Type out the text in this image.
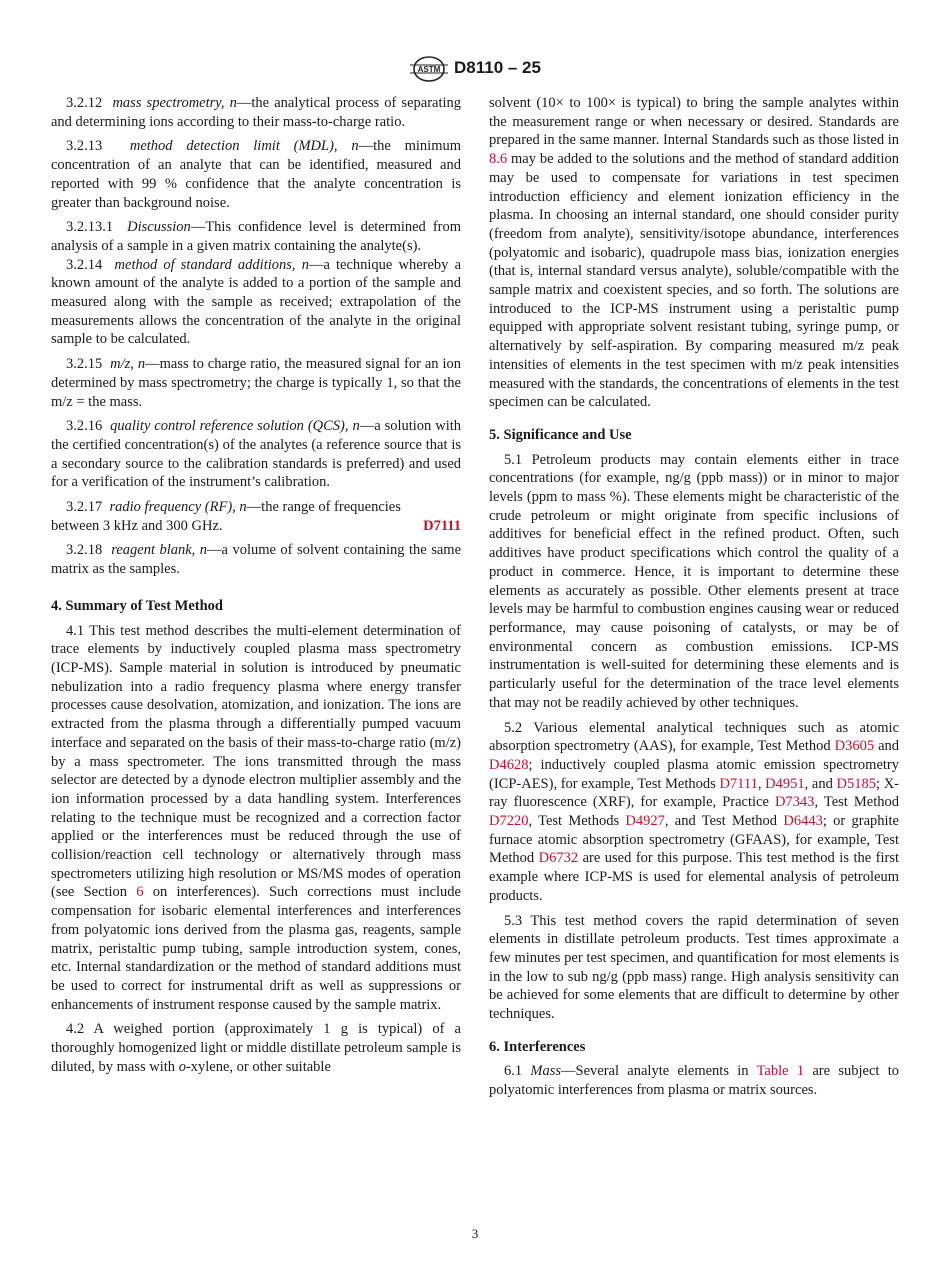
ASTM D8110 – 25

3.2.12 mass spectrometry, n—the analytical process of separating and determining ions according to their mass-to-charge ratio.

3.2.13 method detection limit (MDL), n—the minimum concentration of an analyte that can be identified, measured and reported with 99 % confidence that the analyte concentration is greater than background noise.

3.2.13.1 Discussion—This confidence level is determined from analysis of a sample in a given matrix containing the analyte(s).

3.2.14 method of standard additions, n—a technique whereby a known amount of the analyte is added to a portion of the sample and measured along with the sample as received; extrapolation of the measurements allows the concentration of the analyte in the original sample to be calculated.

3.2.15 m/z, n—mass to charge ratio, the measured signal for an ion determined by mass spectrometry; the charge is typically 1, so that the m/z = the mass.

3.2.16 quality control reference solution (QCS), n—a solution with the certified concentration(s) of the analytes (a reference source that is a secondary source to the calibration standards is preferred) and used for a verification of the instrument’s calibration.

3.2.17 radio frequency (RF), n—the range of frequencies
between 3 kHz and 300 GHz.	D7111

3.2.18 reagent blank, n—a volume of solvent containing the same matrix as the samples.

4. Summary of Test Method

4.1 This test method describes the multi-element determination of trace elements by inductively coupled plasma mass spectrometry (ICP-MS). Sample material in solution is introduced by pneumatic nebulization into a radio frequency plasma where energy transfer processes cause desolvation, atomization, and ionization. The ions are extracted from the plasma through a differentially pumped vacuum interface and separated on the basis of their mass-to-charge ratio (m/z) by a mass spectrometer. The ions transmitted through the mass selector are detected by a dynode electron multiplier assembly and the ion information processed by a data handling system. Interferences relating to the technique must be recognized and a correction factor applied or the interferences must be reduced through the use of collision/reaction cell technology or alternatively through mass spectrometers utilizing high resolution or MS/MS modes of operation (see Section 6 on interferences). Such corrections must include compensation for isobaric elemental interferences and interferences from polyatomic ions derived from the plasma gas, reagents, sample matrix, peristaltic pump tubing, sample introduction system, cones, etc. Internal standardization or the method of standard additions must be used to correct for instrumental drift as well as suppressions or enhancements of instrument response caused by the sample matrix.

4.2 A weighed portion (approximately 1 g is typical) of a thoroughly homogenized light or middle distillate petroleum sample is diluted, by mass with o-xylene, or other suitable

solvent (10× to 100× is typical) to bring the sample analytes within the measurement range or when necessary or desired. Standards are prepared in the same manner. Internal Standards such as those listed in 8.6 may be added to the solutions and the method of standard addition may be used to compensate for variations in test specimen introduction efficiency and element ionization efficiency in the plasma. In choosing an internal standard, one should consider purity (freedom from analyte), sensitivity/isotope abundance, interferences (polyatomic and isobaric), quadrupole mass bias, ionization energies (that is, internal standard versus analyte), soluble/compatible with the sample matrix and coexistent species, and so forth. The solutions are introduced to the ICP-MS instrument using a peristaltic pump equipped with appropriate solvent resistant tubing, syringe pump, or alternatively by self-aspiration. By comparing measured m/z peak intensities of elements in the test specimen with m/z peak intensities measured with the standards, the concentrations of elements in the test specimen can be calculated.

5. Significance and Use

5.1 Petroleum products may contain elements either in trace concentrations (for example, ng/g (ppb mass)) or in minor to major levels (ppm to mass %). These elements might be characteristic of the crude petroleum or might originate from specific inclusions of additives for beneficial effect in the refined product. Often, such additives have product specifications which control the quality of a product in commerce. Hence, it is important to determine these elements as accurately as possible. Other elements present at trace levels may be harmful to combustion engines causing wear or reduced performance, may cause poisoning of catalysts, or may be of environmental concern as combustion emissions. ICP-MS instrumentation is well-suited for determining these elements and is particularly useful for the determination of the trace level elements that may not be readily achieved by other techniques.

5.2 Various elemental analytical techniques such as atomic absorption spectrometry (AAS), for example, Test Method D3605 and D4628; inductively coupled plasma atomic emission spectrometry (ICP-AES), for example, Test Methods D7111, D4951, and D5185; X-ray fluorescence (XRF), for example, Practice D7343, Test Method D7220, Test Methods D4927, and Test Method D6443; or graphite furnace atomic absorption spectrometry (GFAAS), for example, Test Method D6732 are used for this purpose. This test method is the first example where ICP-MS is used for elemental analysis of petroleum products.

5.3 This test method covers the rapid determination of seven elements in distillate petroleum products. Test times approximate a few minutes per test specimen, and quantification for most elements is in the low to sub ng/g (ppb mass) range. High analysis sensitivity can be achieved for some elements that are difficult to determine by other techniques.

6. Interferences

6.1 Mass—Several analyte elements in Table 1 are subject to polyatomic interferences from plasma or matrix sources.

3
